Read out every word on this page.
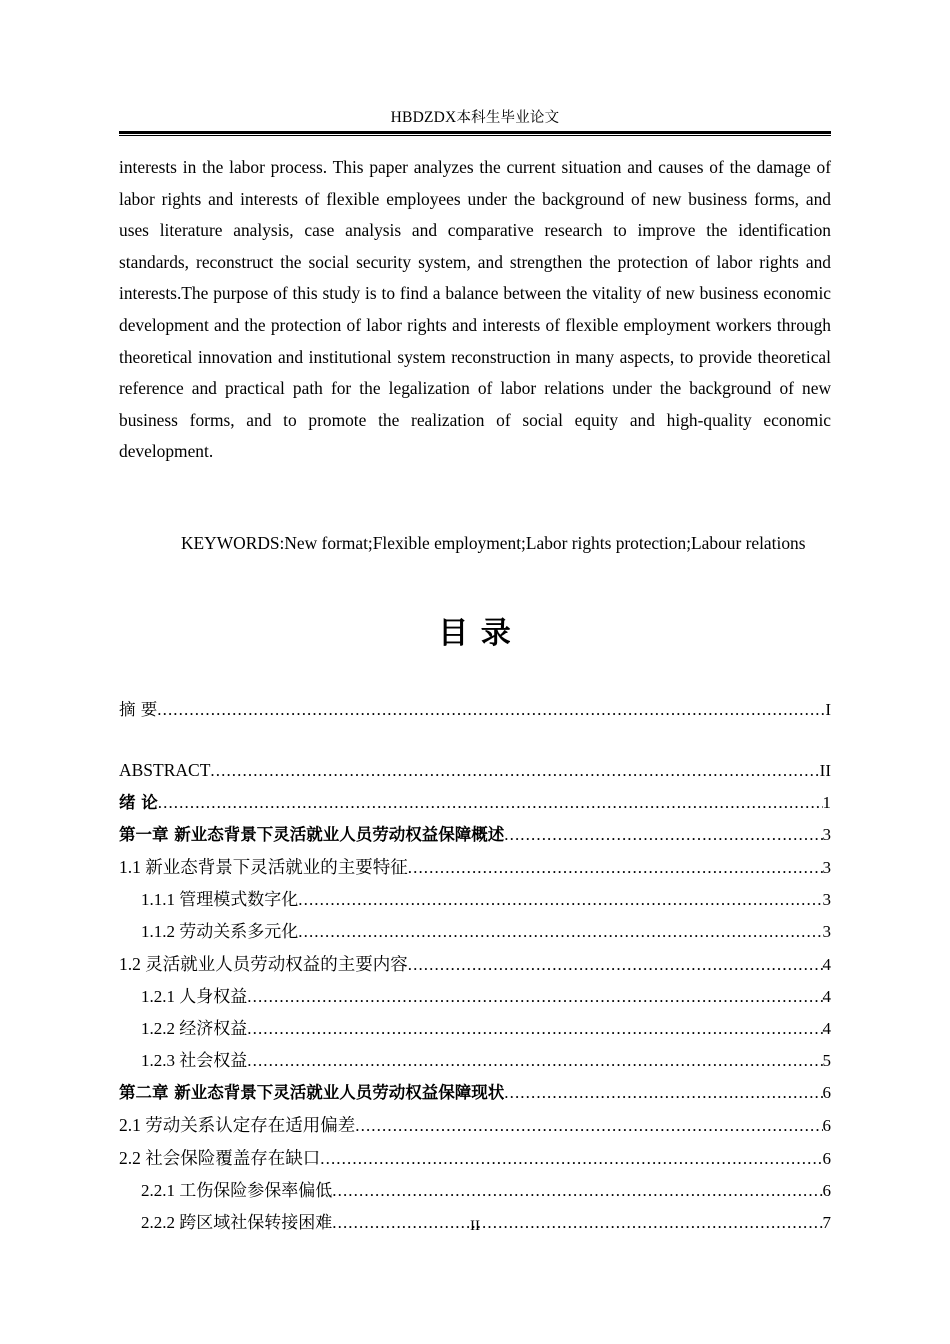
HBDZDX本科生毕业论文

interests in the labor process. This paper analyzes the current situation and causes of the damage of labor rights and interests of flexible employees under the background of new business forms, and uses literature analysis, case analysis and comparative research to improve the identification standards, reconstruct the social security system, and strengthen the protection of labor rights and interests.The purpose of this study is to find a balance between the vitality of new business economic development and the protection of labor rights and interests of flexible employment workers through theoretical innovation and institutional system reconstruction in many aspects, to provide theoretical reference and practical path for the legalization of labor relations under the background of new business forms, and to promote the realization of social equity and high-quality economic development.

KEYWORDS:New format;Flexible employment;Labor rights protection;Labour relations

目 录
摘 要 .....	I
ABSTRACT .....	II
绪 论 .....	1
第一章 新业态背景下灵活就业人员劳动权益保障概述 .....	3
1.1 新业态背景下灵活就业的主要特征 .....	3
1.1.1 管理模式数字化 .....	3
1.1.2 劳动关系多元化 .....	3
1.2 灵活就业人员劳动权益的主要内容 .....	4
1.2.1 人身权益 .....	4
1.2.2 经济权益 .....	4
1.2.3 社会权益 .....	5
第二章 新业态背景下灵活就业人员劳动权益保障现状 .....	6
2.1 劳动关系认定存在适用偏差 .....	6
2.2 社会保险覆盖存在缺口 .....	6
2.2.1 工伤保险参保率偏低 .....	6
2.2.2 跨区域社保转接困难 .....	7
II
